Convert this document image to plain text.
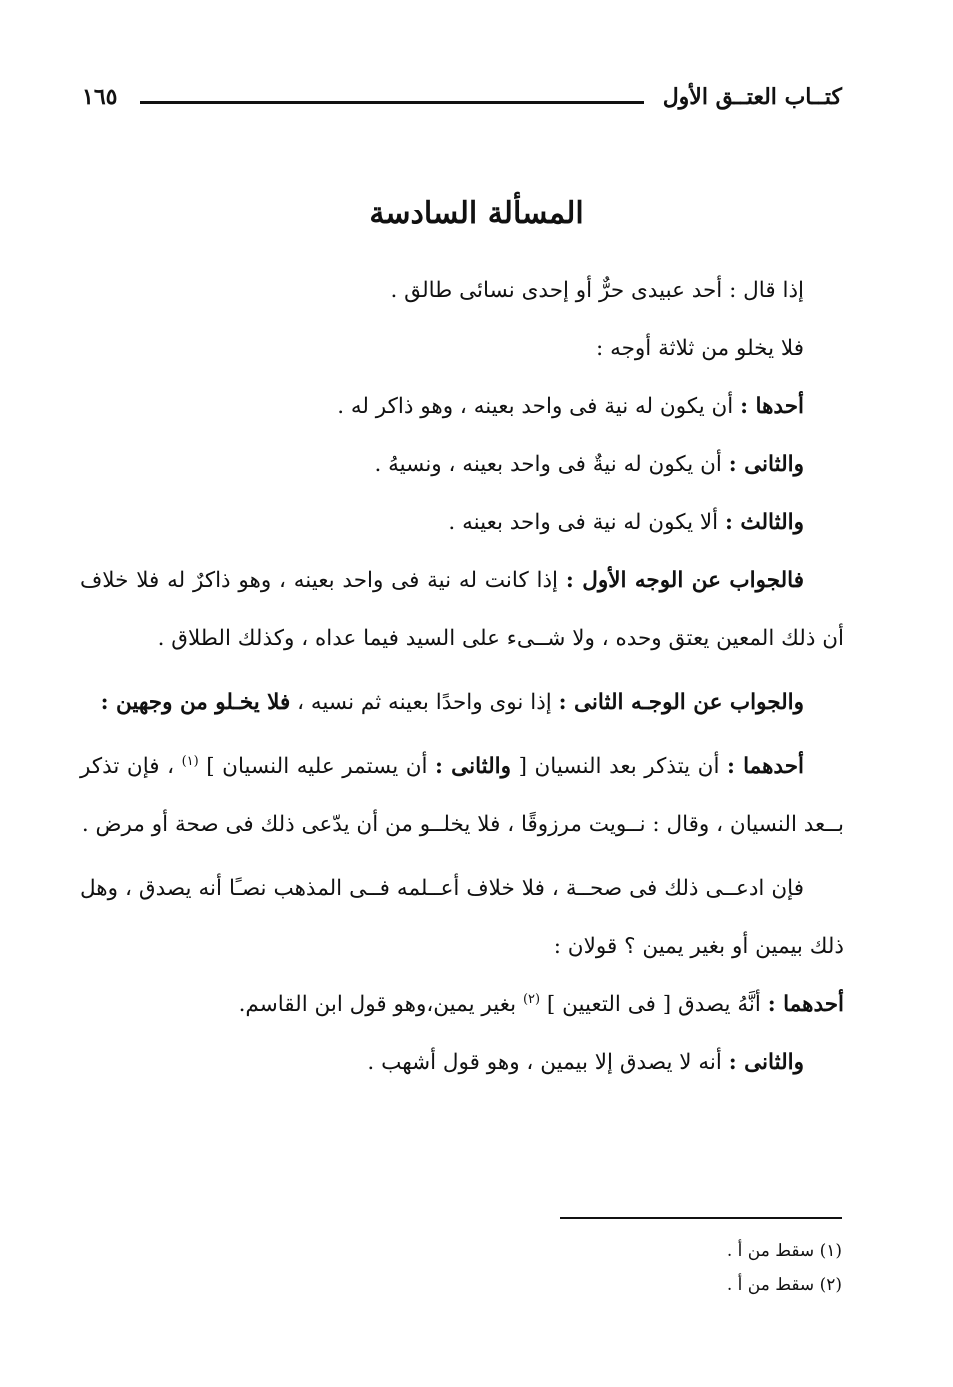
كتــاب العتــق الأول
١٦٥
المسألة السادسة

إذا قال : أحد عبيدى حرٌّ أو إحدى نسائى طالق .

فلا يخلو من ثلاثة أوجه :

أحدها : أن يكون له نية فى واحد بعينه ، وهو ذاكر له .

والثانى : أن يكون له نيةٌ فى واحد بعينه ، ونسيهُ .

والثالث : ألا يكون له نية فى واحد بعينه .

فالجواب عن الوجه الأول : إذا كانت له نية فى واحد بعينه ، وهو ذاكرٌ له فلا خلاف أن ذلك المعين يعتق وحده ، ولا شــىء على السيد فيما عداه ، وكذلك الطلاق .

والجواب عن الوجـه الثانى : إذا نوى واحدًا بعينه ثم نسيه ، فلا يخـلو من وجهين :

أحدهما : أن يتذكر بعد النسيان [ والثانى : أن يستمر عليه النسيان ] $^{(١)}$ ، فإن تذكر بــعد النسيان ، وقال : نــويت مرزوقًا ، فلا يخلــو من أن يدّعى ذلك فى صحة أو مرض .

فإن ادعــى ذلك فى صحــة ، فلا خلاف أعــلمه فــى المذهب نصـًا أنه يصدق ، وهل ذلك بيمين أو بغير يمين ؟ قولان :

أحدهما : أنَّهُ يصدق [ فى التعيين ] $^{(٢)}$ بغير يمين،وهو قول ابن القاسم.

والثانى : أنه لا يصدق إلا بيمين ، وهو قول أشهب .

(١) سقط من أ .
(٢) سقط من أ .
